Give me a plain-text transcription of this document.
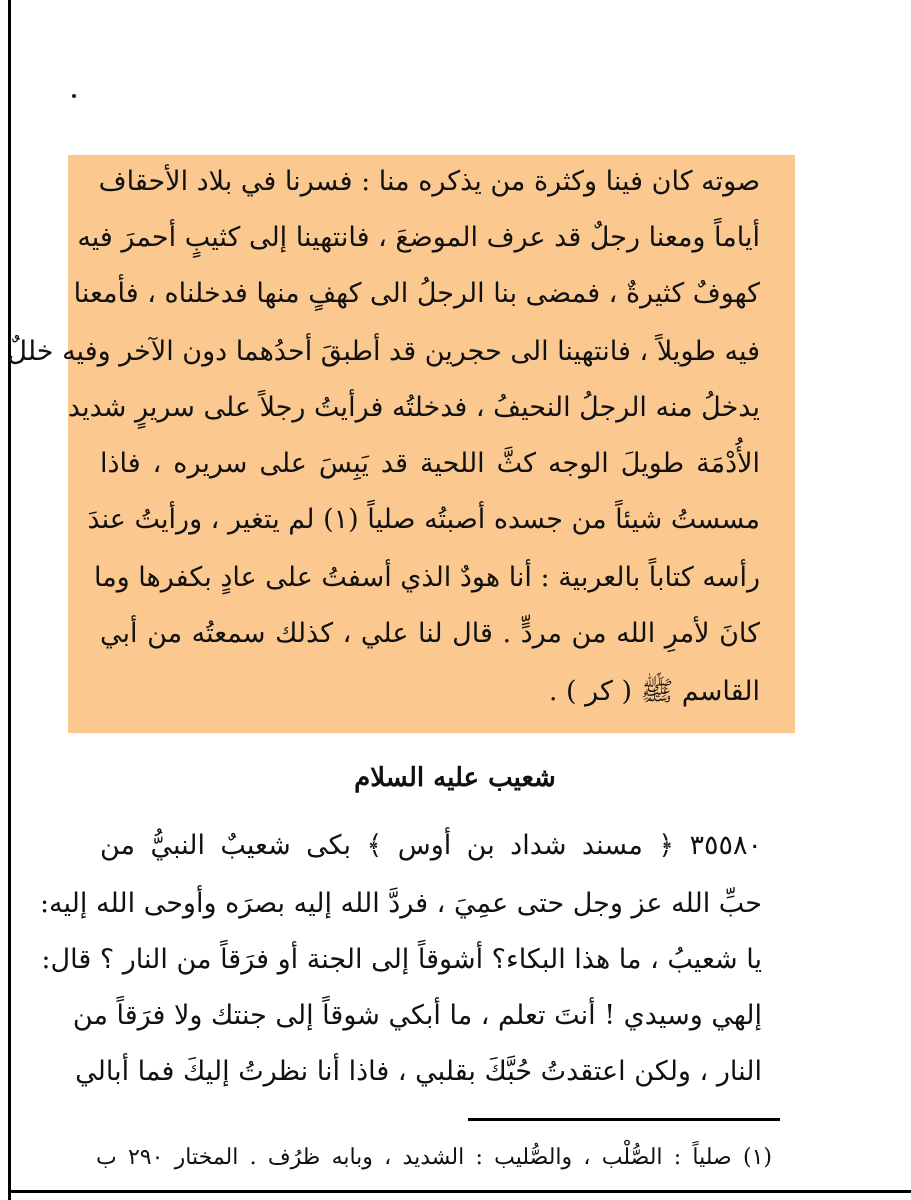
صوته كان فينا وكثرة من يذكره منا : فسرنا في بلاد الأحقاف
أياماً ومعنا رجلٌ قد عرف الموضعَ ، فانتهينا إلى كثيبٍ أحمرَ فيه
كهوفٌ كثيرةٌ ، فمضى بنا الرجلُ الى كهفٍ منها فدخلناه ، فأمعنا
فيه طويلاً ، فانتهينا الى حجرين قد أطبقَ أحدُهما دون الآخر وفيه خللٌ
يدخلُ منه الرجلُ النحيفُ ، فدخلتُه فرأيتُ رجلاً على سريرٍ شديد
الأُدْمَة طويلَ الوجه كثَّ اللحية قد يَبِسَ على سريره ، فاذا
مسستُ شيئاً من جسده أصبتُه صلياً (١) لم يتغير ، ورأيتُ عندَ
رأسه كتاباً بالعربية : أنا هودٌ الذي أسفتُ على عادٍ بكفرها وما
كانَ لأمرِ الله من مردٍّ . قال لنا علي ، كذلك سمعتُه من أبي
القاسم ﷺ ( كر ) .
شعيب عليه السلام
٣٥٥٨٠ ﴿ مسند شداد بن أوس ﴾ بكى شعيبٌ النبيُّ من
حبِّ الله عز وجل حتى عمِيَ ، فردَّ الله إليه بصرَه وأوحى الله إليه:
يا شعيبُ ، ما هذا البكاء؟ أشوقاً إلى الجنة أو فرَقاً من النار ؟ قال:
إلهي وسيدي ! أنتَ تعلم ، ما أبكي شوقاً إلى جنتك ولا فرَقاً من
النار ، ولكن اعتقدتُ حُبَّكَ بقلبي ، فاذا أنا نظرتُ إليكَ فما أبالي
(١) صلياً : الصُّلْب ، والصُّليب : الشديد ، وبابه ظرُف . المختار ٢٩٠ ب
